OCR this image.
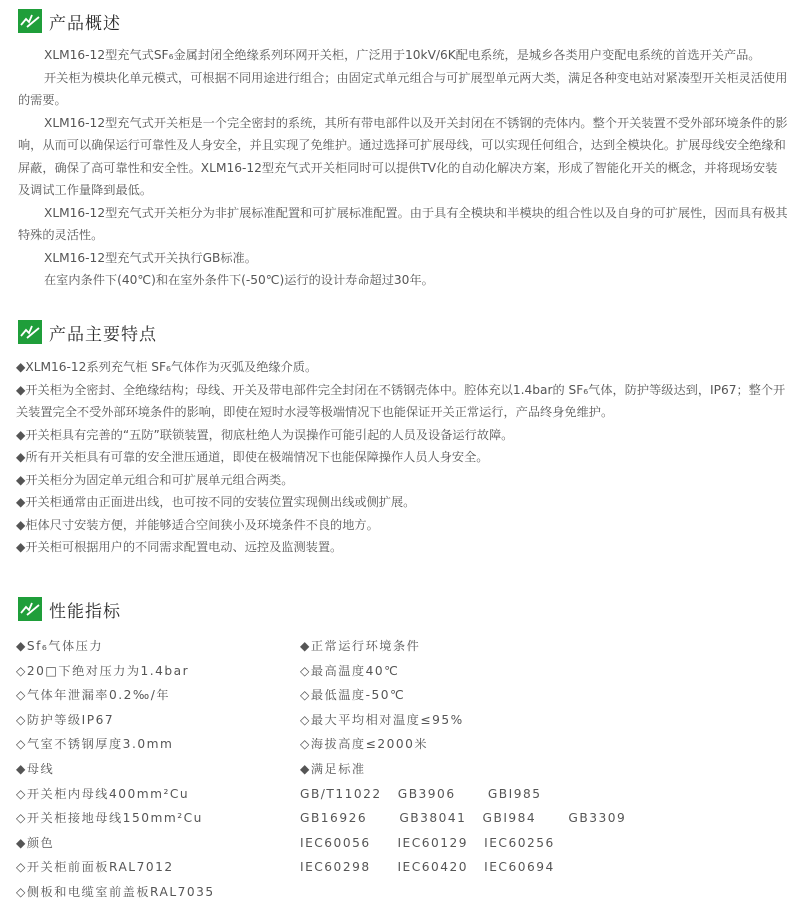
产品概述

XLM16-12型充气式SF₆金属封闭全绝缘系列环网开关柜，广泛用于10kV/6K配电系统，是城乡各类用户变配电系统的首选开关产品。

开关柜为模块化单元模式，可根据不同用途进行组合；由固定式单元组合与可扩展型单元两大类，满足各种变电站对紧凑型开关柜灵活使用的需要。

XLM16-12型充气式开关柜是一个完全密封的系统，其所有带电部件以及开关封闭在不锈钢的壳体内。整个开关装置不受外部环境条件的影响，从而可以确保运行可靠性及人身安全，并且实现了免维护。通过选择可扩展母线，可以实现任何组合，达到全模块化。扩展母线安全绝缘和屏蔽，确保了高可靠性和安全性。XLM16-12型充气式开关柜同时可以提供TV化的自动化解决方案，形成了智能化开关的概念，并将现场安装及调试工作量降到最低。

XLM16-12型充气式开关柜分为非扩展标准配置和可扩展标准配置。由于具有全模块和半模块的组合性以及自身的可扩展性，因而具有极其特殊的灵活性。

XLM16-12型充气式开关执行GB标准。

在室内条件下(40℃)和在室外条件下(-50℃)运行的设计寿命超过30年。

产品主要特点

◆XLM16-12系列充气柜 SF₆气体作为灭弧及绝缘介质。

◆开关柜为全密封、全绝缘结构；母线、开关及带电部件完全封闭在不锈钢壳体中。腔体充以1.4bar的 SF₆气体，防护等级达到，IP67；整个开关装置完全不受外部环境条件的影响，即使在短时水浸等极端情况下也能保证开关正常运行，产品终身免维护。

◆开关柜具有完善的“五防”联锁装置，彻底杜绝人为误操作可能引起的人员及设备运行故障。

◆所有开关柜具有可靠的安全泄压通道，即使在极端情况下也能保障操作人员人身安全。

◆开关柜分为固定单元组合和可扩展单元组合两类。

◆开关柜通常由正面进出线，也可按不同的安装位置实现侧出线或侧扩展。

◆柜体尺寸安装方便，并能够适合空间狭小及环境条件不良的地方。

◆开关柜可根据用户的不同需求配置电动、远控及监测装置。

性能指标
◆Sf₆气体压力
◇20□下绝对压力为1.4bar
◇气体年泄漏率0.2‰/年
◇防护等级IP67
◇气室不锈钢厚度3.0mm
◆母线
◇开关柜内母线400mm²Cu
◇开关柜接地母线150mm²Cu
◆颜色
◇开关柜前面板RAL7012
◇侧板和电缆室前盖板RAL7035
◆正常运行环境条件
◇最高温度40℃
◇最低温度-50℃
◇最大平均相对温度≤95%
◇海拔高度≤2000米
◆满足标准
GB/T11022   GB3906      GBI985
GB16926      GB38041   GBI984      GB3309
IEC60056     IEC60129   IEC60256
IEC60298     IEC60420   IEC60694
